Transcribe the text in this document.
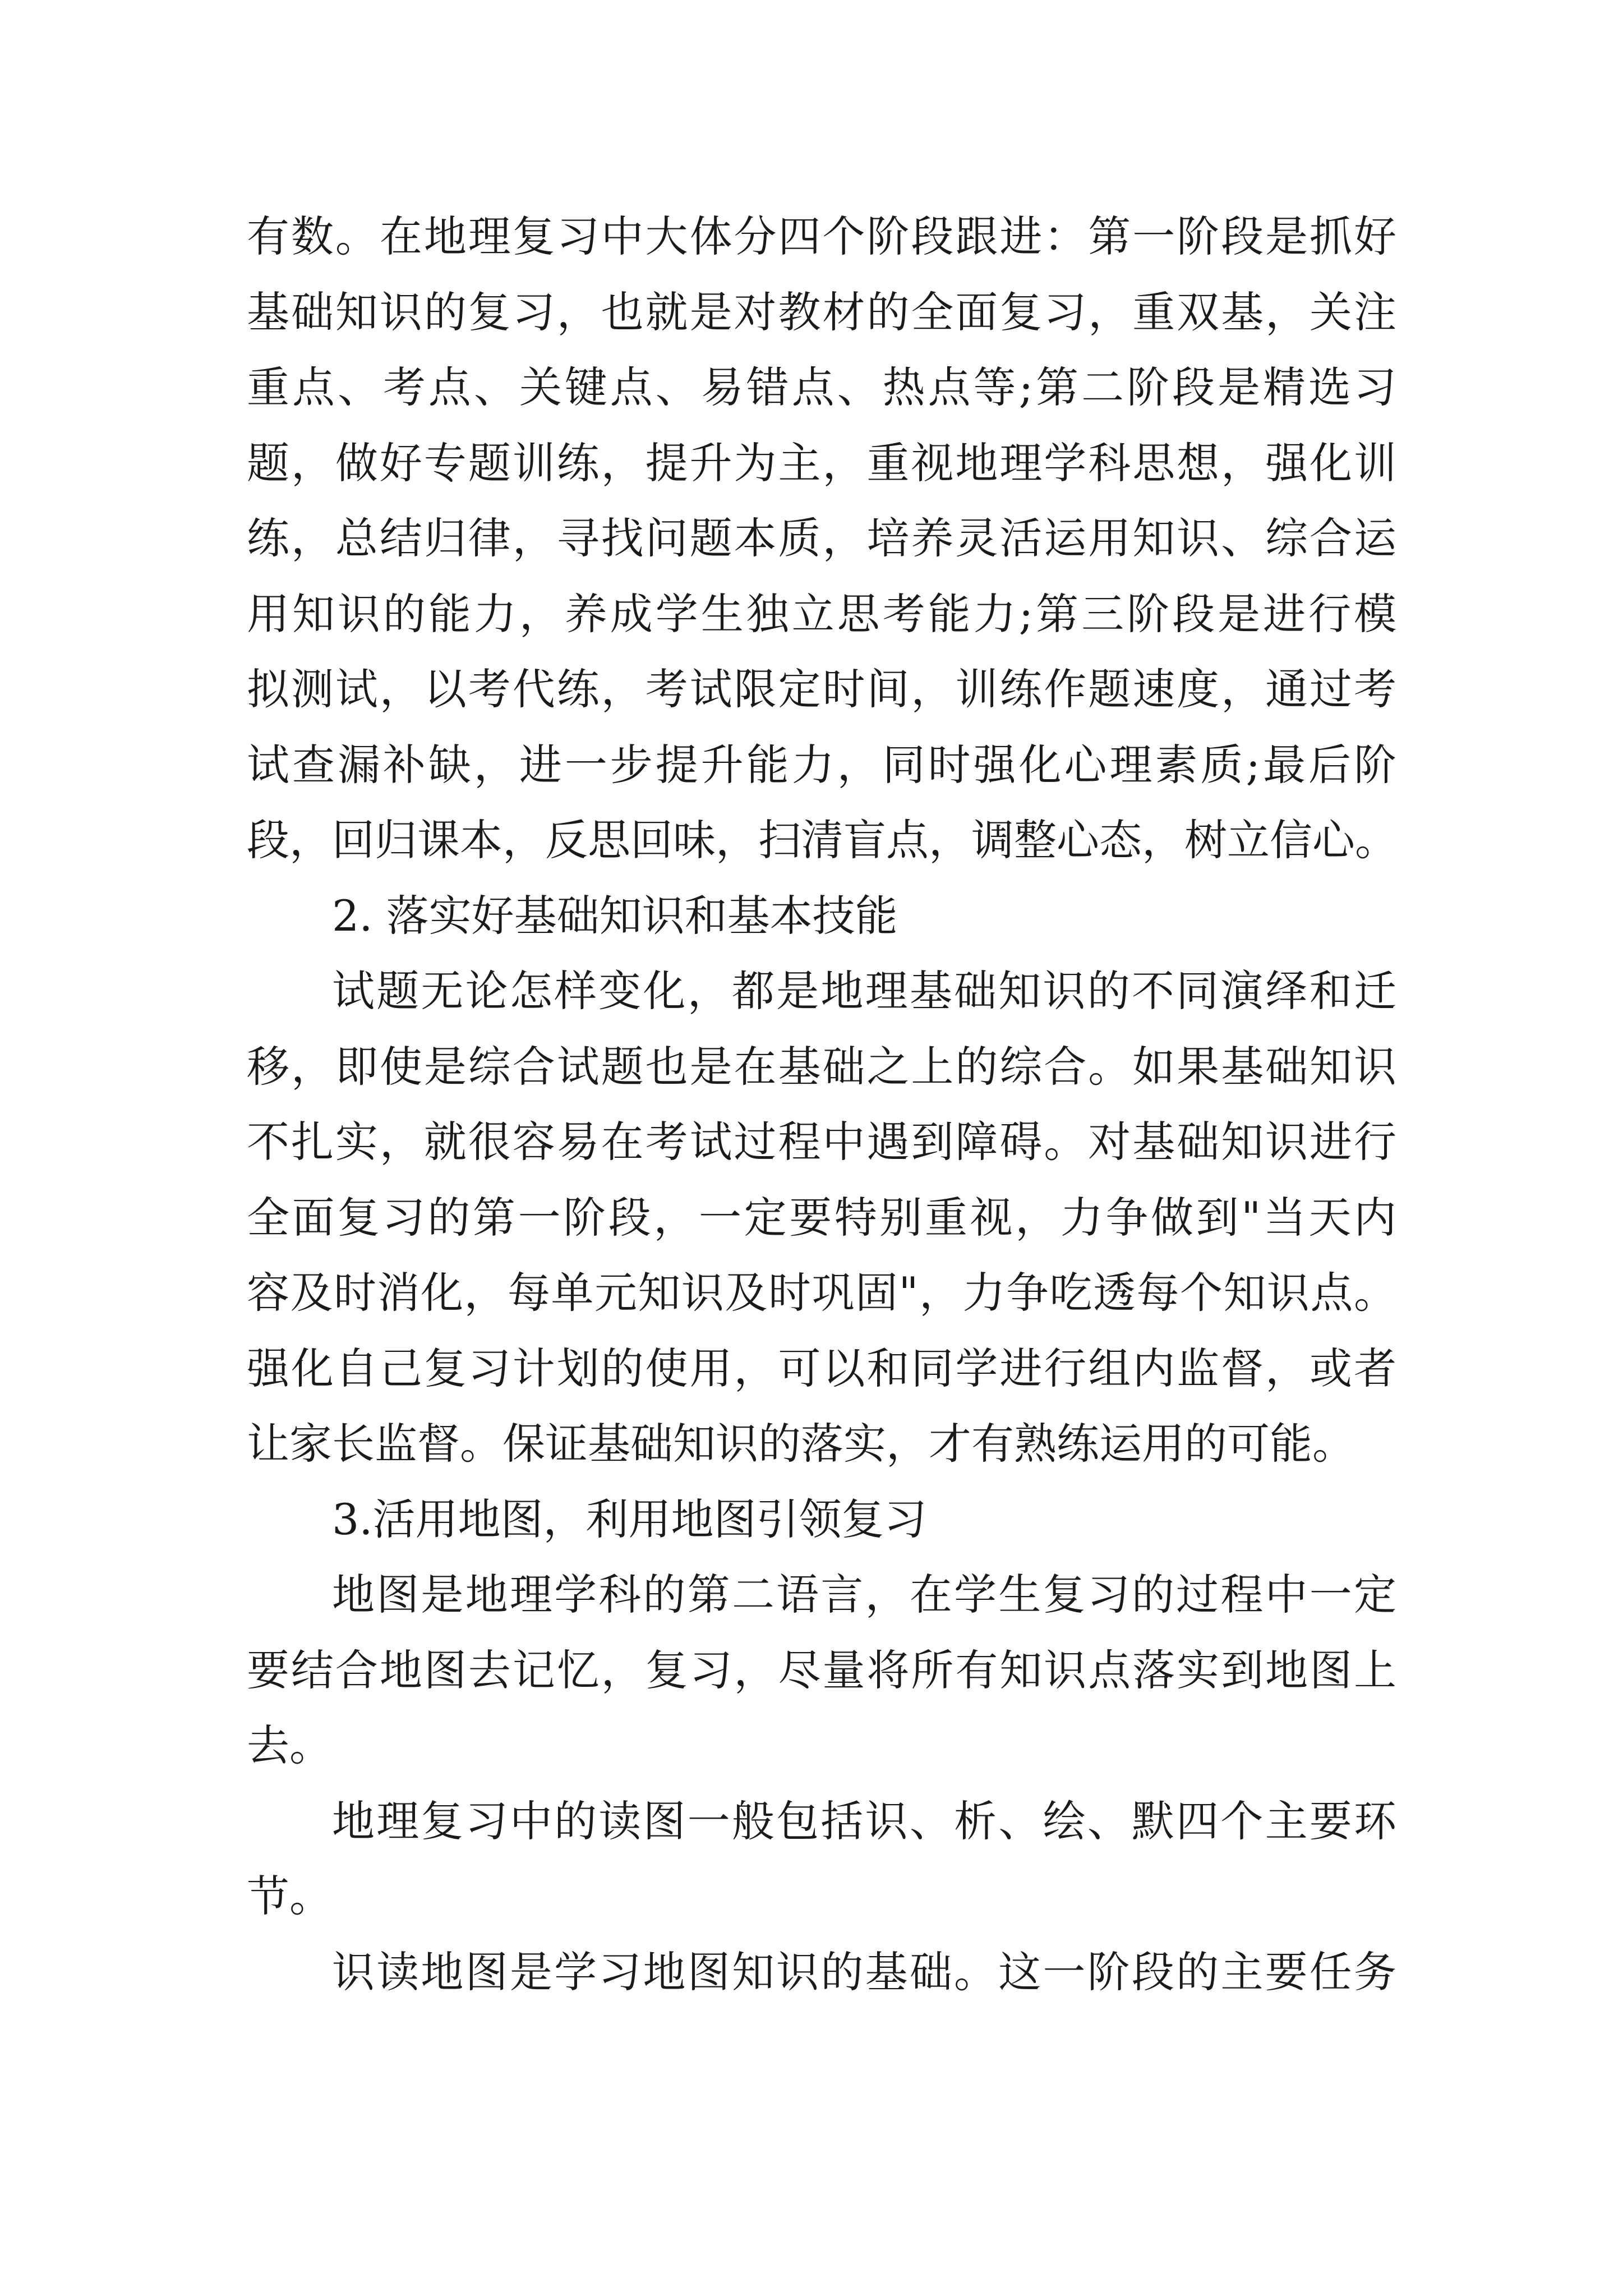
有数。在地理复习中大体分四个阶段跟进：第一阶段是抓好
基础知识的复习，也就是对教材的全面复习，重双基，关注
重点、考点、关键点、易错点、热点等;第二阶段是精选习
题，做好专题训练，提升为主，重视地理学科思想，强化训
练，总结归律，寻找问题本质，培养灵活运用知识、综合运
用知识的能力，养成学生独立思考能力;第三阶段是进行模
拟测试，以考代练，考试限定时间，训练作题速度，通过考
试查漏补缺，进一步提升能力，同时强化心理素质;最后阶
段，回归课本，反思回味，扫清盲点，调整心态，树立信心。
2. 落实好基础知识和基本技能
试题无论怎样变化，都是地理基础知识的不同演绎和迁
移，即使是综合试题也是在基础之上的综合。如果基础知识
不扎实，就很容易在考试过程中遇到障碍。对基础知识进行
全面复习的第一阶段，一定要特别重视，力争做到"当天内
容及时消化，每单元知识及时巩固"，力争吃透每个知识点。
强化自己复习计划的使用，可以和同学进行组内监督，或者
让家长监督。保证基础知识的落实，才有熟练运用的可能。
3.活用地图，利用地图引领复习
地图是地理学科的第二语言，在学生复习的过程中一定
要结合地图去记忆，复习，尽量将所有知识点落实到地图上
去。
地理复习中的读图一般包括识、析、绘、默四个主要环
节。
识读地图是学习地图知识的基础。这一阶段的主要任务
